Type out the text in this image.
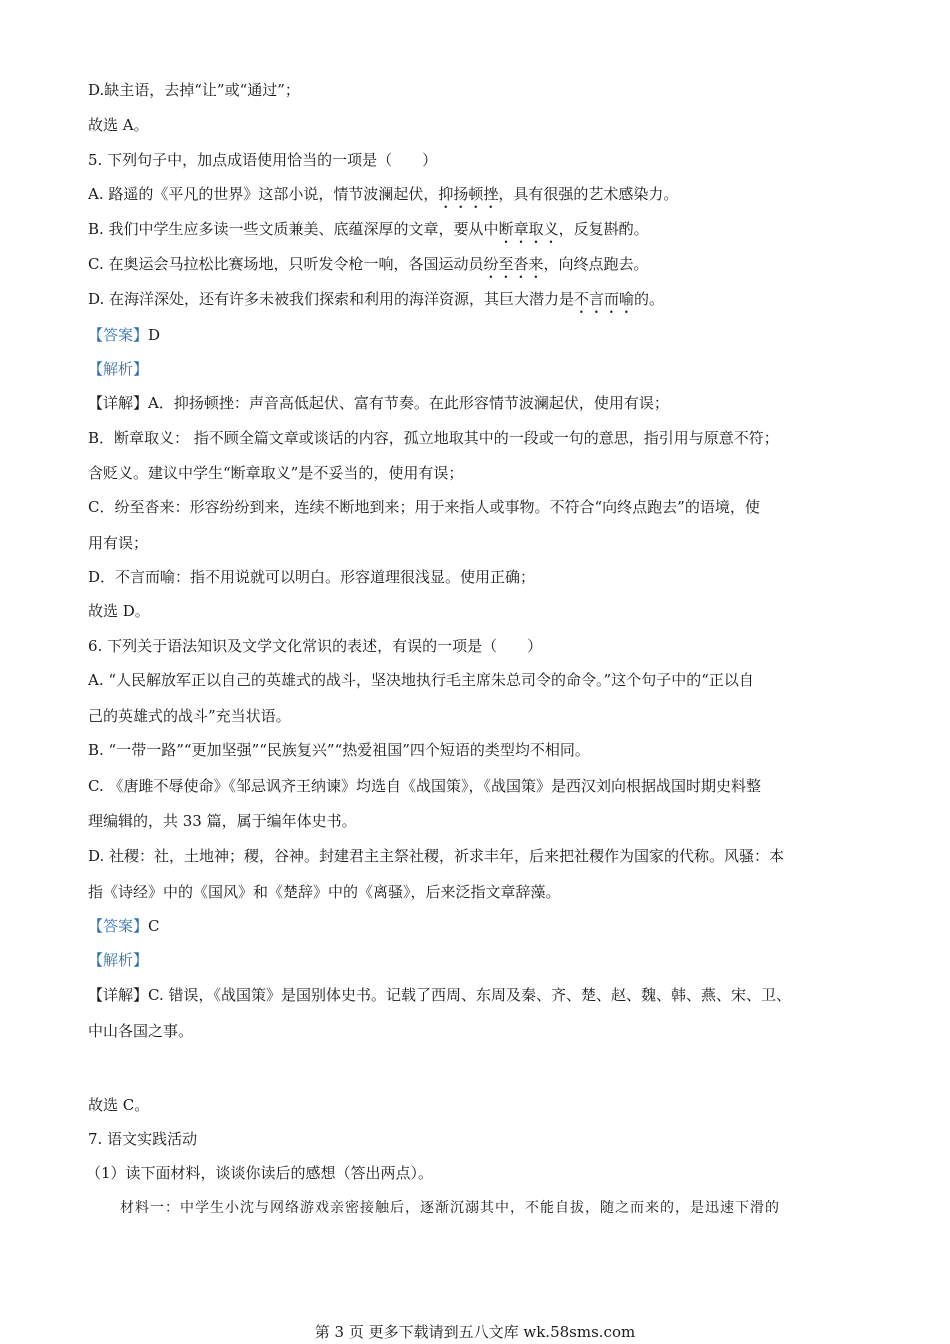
D.缺主语，去掉“让”或“通过”；
故选 A。
5. 下列句子中，加点成语使用恰当的一项是（　　）
A. 路遥的《平凡的世界》这部小说，情节波澜起伏，抑扬顿挫，具有很强的艺术感染力。
B. 我们中学生应多读一些文质兼美、底蕴深厚的文章，要从中断章取义，反复斟酌。
C. 在奥运会马拉松比赛场地，只听发令枪一响，各国运动员纷至沓来，向终点跑去。
D. 在海洋深处，还有许多未被我们探索和利用的海洋资源，其巨大潜力是不言而喻的。
【答案】D
【解析】
【详解】A．抑扬顿挫：声音高低起伏、富有节奏。在此形容情节波澜起伏，使用有误；
B．断章取义： 指不顾全篇文章或谈话的内容，孤立地取其中的一段或一句的意思，指引用与原意不符；
含贬义。建议中学生“断章取义”是不妥当的，使用有误；
C．纷至沓来：形容纷纷到来，连续不断地到来；用于来指人或事物。不符合“向终点跑去”的语境，使
用有误；
D．不言而喻：指不用说就可以明白。形容道理很浅显。使用正确；
故选 D。
6. 下列关于语法知识及文学文化常识的表述，有误的一项是（　　）
A. “人民解放军正以自己的英雄式的战斗，坚决地执行毛主席朱总司令的命令。”这个句子中的“正以自
己的英雄式的战斗”充当状语。
B. “一带一路”“更加坚强”“民族复兴”“热爱祖国”四个短语的类型均不相同。
C. 《唐雎不辱使命》《邹忌讽齐王纳谏》均选自《战国策》，《战国策》是西汉刘向根据战国时期史料整
理编辑的，共 33 篇，属于编年体史书。
D. 社稷：社，土地神；稷，谷神。封建君主主祭社稷，祈求丰年，后来把社稷作为国家的代称。风骚：本
指《诗经》中的《国风》和《楚辞》中的《离骚》，后来泛指文章辞藻。
【答案】C
【解析】
【详解】C. 错误，《战国策》是国别体史书。记载了西周、东周及秦、齐、楚、赵、魏、韩、燕、宋、卫、
中山各国之事。
故选 C。
7. 语文实践活动
（1）读下面材料，谈谈你读后的感想（答出两点）。
材料一：中学生小沈与网络游戏亲密接触后，逐渐沉溺其中，不能自拔，随之而来的，是迅速下滑的
第 3 页 更多下载请到五八文库 wk.58sms.com
